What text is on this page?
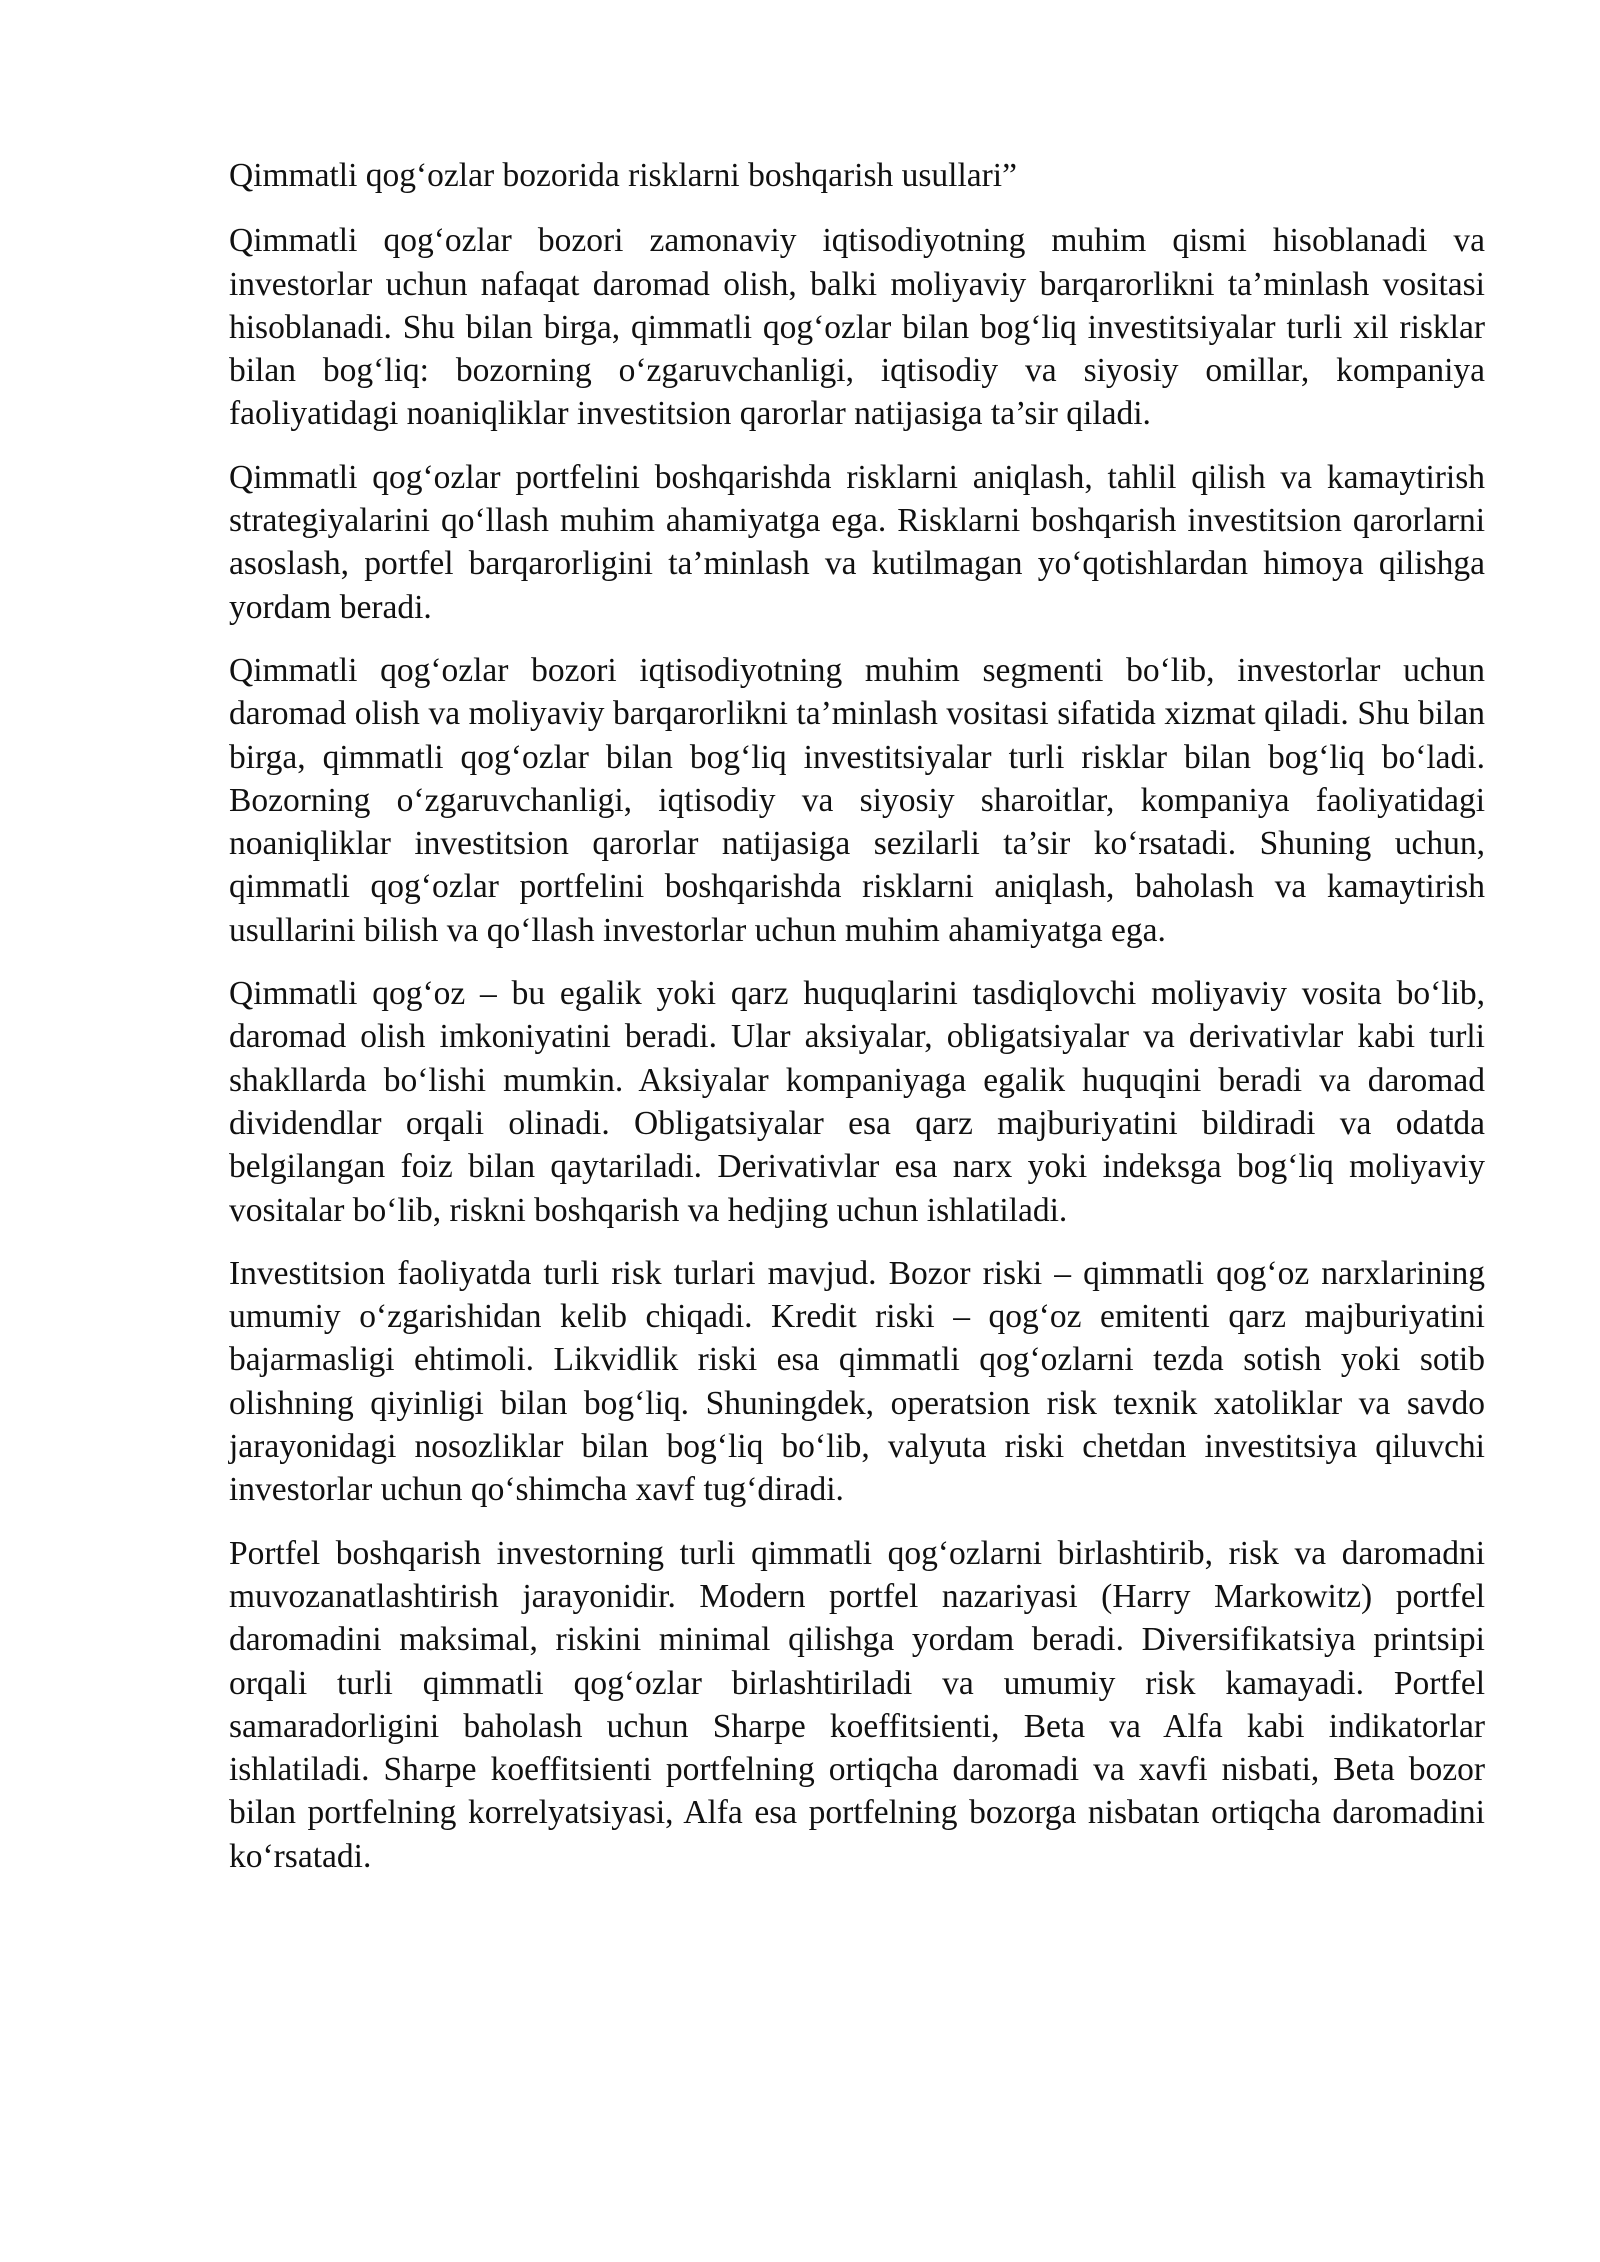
Qimmatli qog‘ozlar bozorida risklarni boshqarish usullari”

Qimmatli qog‘ozlar bozori zamonaviy iqtisodiyotning muhim qismi hisoblanadi va investorlar uchun nafaqat daromad olish, balki moliyaviy barqarorlikni ta’minlash vositasi hisoblanadi. Shu bilan birga, qimmatli qog‘ozlar bilan bog‘liq investitsiyalar turli xil risklar bilan bog‘liq: bozorning o‘zgaruvchanligi, iqtisodiy va siyosiy omillar, kompaniya faoliyatidagi noaniqliklar investitsion qarorlar natijasiga ta’sir qiladi.

Qimmatli qog‘ozlar portfelini boshqarishda risklarni aniqlash, tahlil qilish va kamaytirish strategiyalarini qo‘llash muhim ahamiyatga ega. Risklarni boshqarish investitsion qarorlarni asoslash, portfel barqarorligini ta’minlash va kutilmagan yo‘qotishlardan himoya qilishga yordam beradi.

Qimmatli qog‘ozlar bozori iqtisodiyotning muhim segmenti bo‘lib, investorlar uchun daromad olish va moliyaviy barqarorlikni ta’minlash vositasi sifatida xizmat qiladi. Shu bilan birga, qimmatli qog‘ozlar bilan bog‘liq investitsiyalar turli risklar bilan bog‘liq bo‘ladi. Bozorning o‘zgaruvchanligi, iqtisodiy va siyosiy sharoitlar, kompaniya faoliyatidagi noaniqliklar investitsion qarorlar natijasiga sezilarli ta’sir ko‘rsatadi. Shuning uchun, qimmatli qog‘ozlar portfelini boshqarishda risklarni aniqlash, baholash va kamaytirish usullarini bilish va qo‘llash investorlar uchun muhim ahamiyatga ega.

Qimmatli qog‘oz – bu egalik yoki qarz huquqlarini tasdiqlovchi moliyaviy vosita bo‘lib, daromad olish imkoniyatini beradi. Ular aksiyalar, obligatsiyalar va derivativlar kabi turli shakllarda bo‘lishi mumkin. Aksiyalar kompaniyaga egalik huquqini beradi va daromad dividendlar orqali olinadi. Obligatsiyalar esa qarz majburiyatini bildiradi va odatda belgilangan foiz bilan qaytariladi. Derivativlar esa narx yoki indeksga bog‘liq moliyaviy vositalar bo‘lib, riskni boshqarish va hedjing uchun ishlatiladi.

Investitsion faoliyatda turli risk turlari mavjud. Bozor riski – qimmatli qog‘oz narxlarining umumiy o‘zgarishidan kelib chiqadi. Kredit riski – qog‘oz emitenti qarz majburiyatini bajarmasligi ehtimoli. Likvidlik riski esa qimmatli qog‘ozlarni tezda sotish yoki sotib olishning qiyinligi bilan bog‘liq. Shuningdek, operatsion risk texnik xatoliklar va savdo jarayonidagi nosozliklar bilan bog‘liq bo‘lib, valyuta riski chetdan investitsiya qiluvchi investorlar uchun qo‘shimcha xavf tug‘diradi.

Portfel boshqarish investorning turli qimmatli qog‘ozlarni birlashtirib, risk va daromadni muvozanatlashtirish jarayonidir. Modern portfel nazariyasi (Harry Markowitz) portfel daromadini maksimal, riskini minimal qilishga yordam beradi. Diversifikatsiya printsipi orqali turli qimmatli qog‘ozlar birlashtiriladi va umumiy risk kamayadi. Portfel samaradorligini baholash uchun Sharpe koeffitsienti, Beta va Alfa kabi indikatorlar ishlatiladi. Sharpe koeffitsienti portfelning ortiqcha daromadi va xavfi nisbati, Beta bozor bilan portfelning korrelyatsiyasi, Alfa esa portfelning bozorga nisbatan ortiqcha daromadini ko‘rsatadi.
